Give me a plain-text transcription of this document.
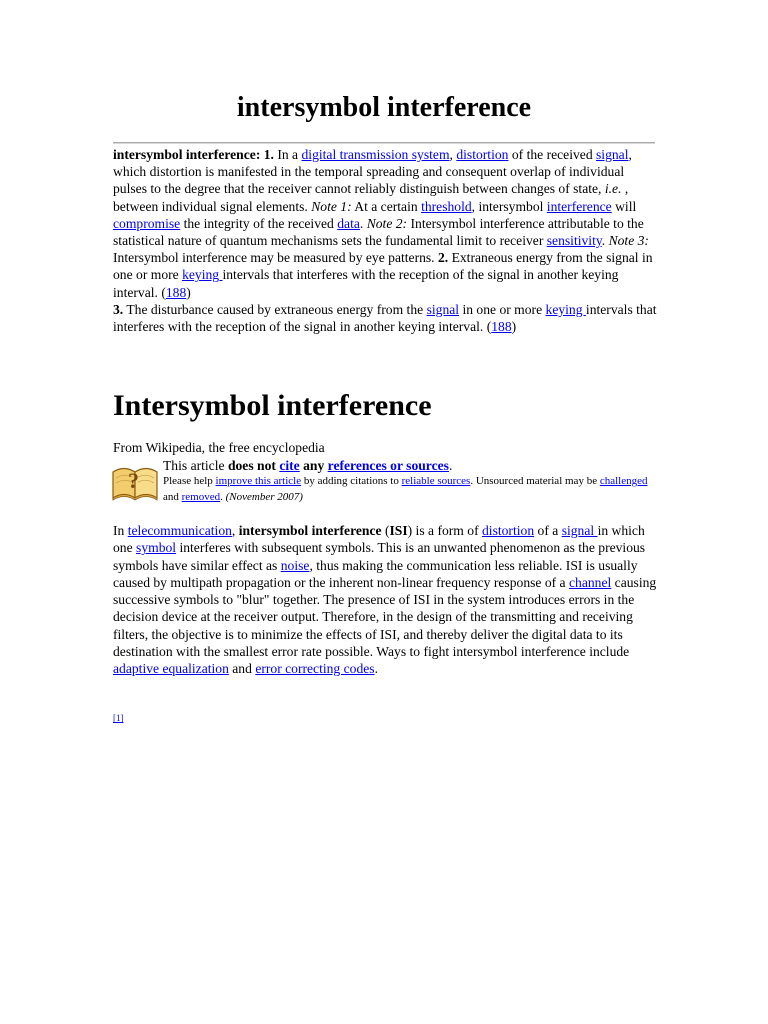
intersymbol interference
intersymbol interference: 1. In a digital transmission system, distortion of the received signal, which distortion is manifested in the temporal spreading and consequent overlap of individual pulses to the degree that the receiver cannot reliably distinguish between changes of state, i.e. , between individual signal elements. Note 1: At a certain threshold, intersymbol interference will compromise the integrity of the received data. Note 2: Intersymbol interference attributable to the statistical nature of quantum mechanisms sets the fundamental limit to receiver sensitivity. Note 3: Intersymbol interference may be measured by eye patterns. 2. Extraneous energy from the signal in one or more keying intervals that interferes with the reception of the signal in another keying interval. (188)
3. The disturbance caused by extraneous energy from the signal in one or more keying intervals that interferes with the reception of the signal in another keying interval. (188)
Intersymbol interference
From Wikipedia, the free encyclopedia
?
This article does not cite any references or sources.
Please help improve this article by adding citations to reliable sources. Unsourced material may be challenged and removed. (November 2007)
In telecommunication, intersymbol interference (ISI) is a form of distortion of a signal in which one symbol interferes with subsequent symbols. This is an unwanted phenomenon as the previous symbols have similar effect as noise, thus making the communication less reliable. ISI is usually caused by multipath propagation or the inherent non-linear frequency response of a channel causing successive symbols to "blur" together. The presence of ISI in the system introduces errors in the decision device at the receiver output. Therefore, in the design of the transmitting and receiving filters, the objective is to minimize the effects of ISI, and thereby deliver the digital data to its destination with the smallest error rate possible. Ways to fight intersymbol interference include adaptive equalization and error correcting codes.
[1]
